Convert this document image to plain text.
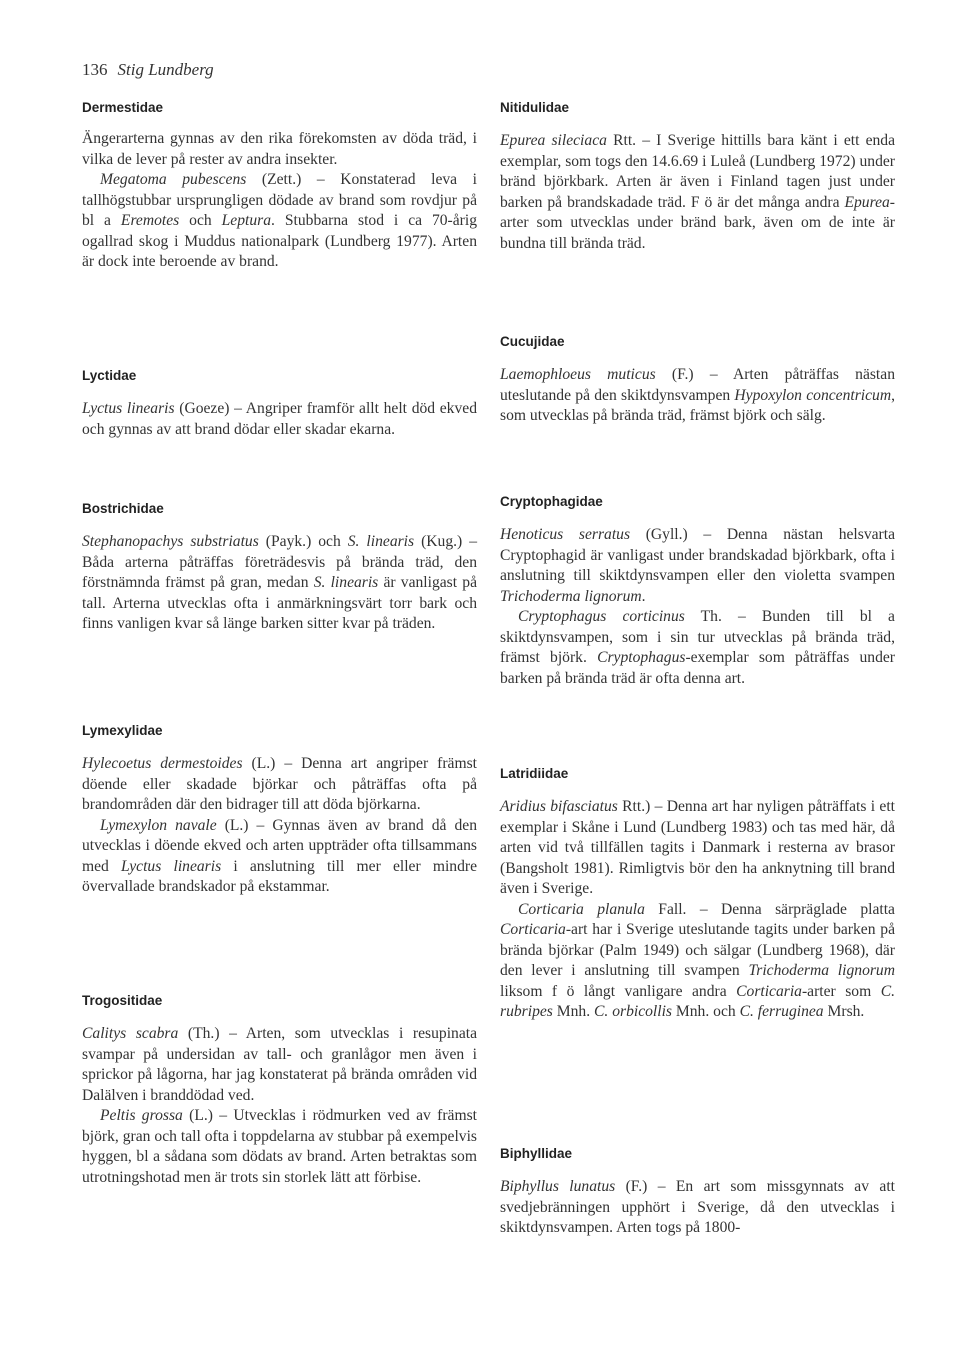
136 Stig Lundberg
Dermestidae

Ängerarterna gynnas av den rika förekomsten av döda träd, i vilka de lever på rester av andra insekter.

Megatoma pubescens (Zett.) – Konstaterad leva i tallhögstubbar ursprungligen dödade av brand som rovdjur på bl a Eremotes och Leptura. Stubbarna stod i ca 70-årig ogallrad skog i Muddus nationalpark (Lundberg 1977). Arten är dock inte beroende av brand.

Lyctidae

Lyctus linearis (Goeze) – Angriper framför allt helt död ekved och gynnas av att brand dödar eller skadar ekarna.

Bostrichidae

Stephanopachys substriatus (Payk.) och S. linearis (Kug.) – Båda arterna påträffas företrädesvis på brända träd, den förstnämnda främst på gran, medan S. linearis är vanligast på tall. Arterna utvecklas ofta i anmärkningsvärt torr bark och finns vanligen kvar så länge barken sitter kvar på träden.

Lymexylidae

Hylecoetus dermestoides (L.) – Denna art angriper främst döende eller skadade björkar och påträffas ofta på brandområden där den bidrager till att döda björkarna.

Lymexylon navale (L.) – Gynnas även av brand då den utvecklas i döende ekved och arten uppträder ofta tillsammans med Lyctus linearis i anslutning till mer eller mindre övervallade brandskador på ekstammar.

Trogositidae

Calitys scabra (Th.) – Arten, som utvecklas i resupinata svampar på undersidan av tall- och granlågor men även i sprickor på lågorna, har jag konstaterat på brända områden vid Dalälven i branddödad ved.

Peltis grossa (L.) – Utvecklas i rödmurken ved av främst björk, gran och tall ofta i toppdelarna av stubbar på exempelvis hyggen, bl a sådana som dödats av brand. Arten betraktas som utrotningshotad men är trots sin storlek lätt att förbise.

Nitidulidae

Epurea sileciaca Rtt. – I Sverige hittills bara känt i ett enda exemplar, som togs den 14.6.69 i Luleå (Lundberg 1972) under bränd björkbark. Arten är även i Finland tagen just under barken på brandskadade träd. F ö är det många andra Epurea-arter som utvecklas under bränd bark, även om de inte är bundna till brända träd.

Cucujidae

Laemophloeus muticus (F.) – Arten påträffas nästan uteslutande på den skiktdynsvampen Hypoxylon concentricum, som utvecklas på brända träd, främst björk och sälg.

Cryptophagidae

Henoticus serratus (Gyll.) – Denna nästan helsvarta Cryptophagid är vanligast under brandskadad björkbark, ofta i anslutning till skiktdynsvampen eller den violetta svampen Trichoderma lignorum.

Cryptophagus corticinus Th. – Bunden till bl a skiktdynsvampen, som i sin tur utvecklas på brända träd, främst björk. Cryptophagus-exemplar som påträffas under barken på brända träd är ofta denna art.

Latridiidae

Aridius bifasciatus Rtt.) – Denna art har nyligen påträffats i ett exemplar i Skåne i Lund (Lundberg 1983) och tas med här, då arten vid två tillfällen tagits i Danmark i resterna av brasor (Bangsholt 1981). Rimligtvis bör den ha anknytning till brand även i Sverige.

Corticaria planula Fall. – Denna särpräglade platta Corticaria-art har i Sverige uteslutande tagits under barken på brända björkar (Palm 1949) och sälgar (Lundberg 1968), där den lever i anslutning till svampen Trichoderma lignorum liksom f ö långt vanligare andra Corticaria-arter som C. rubripes Mnh. C. orbicollis Mnh. och C. ferruginea Mrsh.

Biphyllidae

Biphyllus lunatus (F.) – En art som missgynnats av att svedjebränningen upphört i Sverige, då den utvecklas i skiktdynsvampen. Arten togs på 1800-
